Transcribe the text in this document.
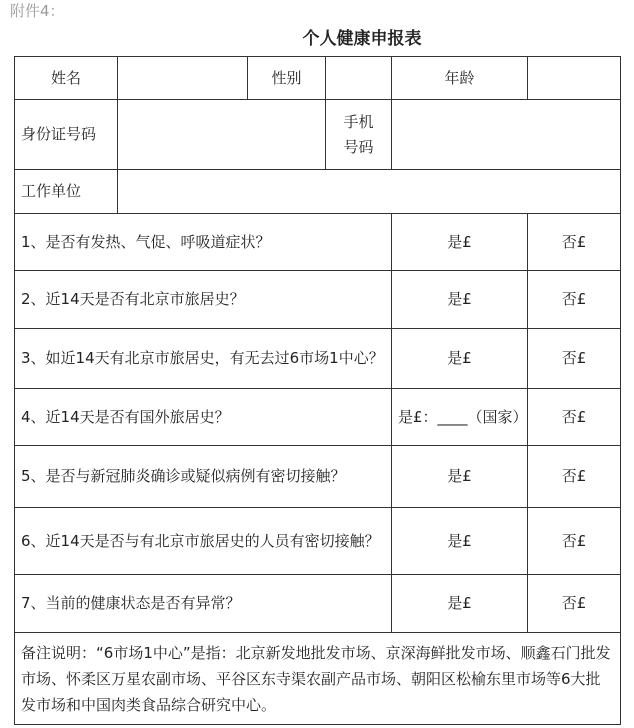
附件4：
个人健康申报表
姓名		性别		年龄	
身份证号码			手机
号码		

工作单位					
1、是否有发热、气促、呼吸道症状？				是£	否£
2、近14天是否有北京市旅居史？				是£	否£
3、如近14天有北京市旅居史，有无去过6市场1中心？				是£	否£
4、近14天是否有国外旅居史？				是£：____（国家）	否£
5、是否与新冠肺炎确诊或疑似病例有密切接触？				是£	否£
6、近14天是否与有北京市旅居史的人员有密切接触？				是£	否£
7、当前的健康状态是否有异常？				是£	否£
备注说明：“6市场1中心”是指：北京新发地批发市场、京深海鲜批发市场、顺鑫石门批发市场、怀柔区万星农副市场、平谷区东寺渠农副产品市场、朝阳区松榆东里市场等6大批发市场和中国肉类食品综合研究中心。					
